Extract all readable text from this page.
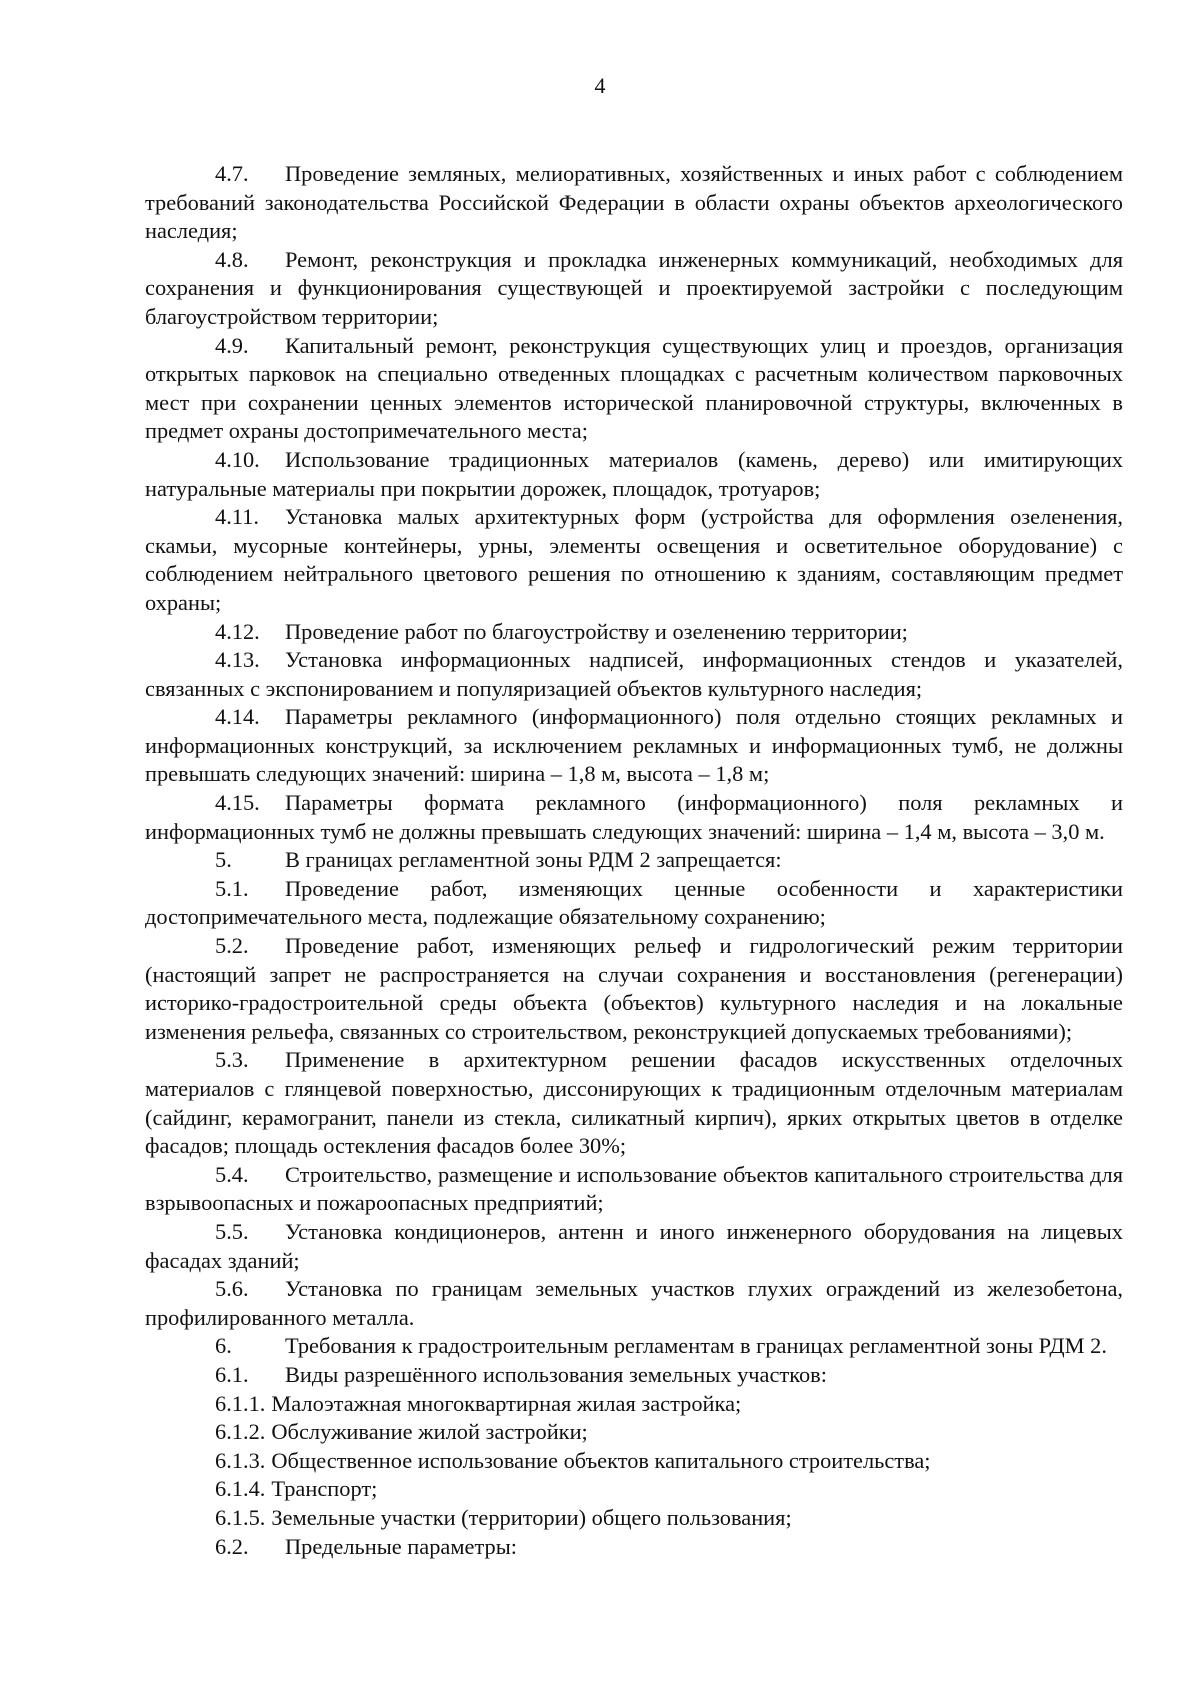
4

4.7. Проведение земляных, мелиоративных, хозяйственных и иных работ с соблюдением требований законодательства Российской Федерации в области охраны объектов археологического наследия;

4.8. Ремонт, реконструкция и прокладка инженерных коммуникаций, необходимых для сохранения и функционирования существующей и проектируемой застройки с последующим благоустройством территории;

4.9. Капитальный ремонт, реконструкция существующих улиц и проездов, организация открытых парковок на специально отведенных площадках с расчетным количеством парковочных мест при сохранении ценных элементов исторической планировочной структуры, включенных в предмет охраны достопримечательного места;

4.10. Использование традиционных материалов (камень, дерево) или имитирующих натуральные материалы при покрытии дорожек, площадок, тротуаров;

4.11. Установка малых архитектурных форм (устройства для оформления озеленения, скамьи, мусорные контейнеры, урны, элементы освещения и осветительное оборудование) с соблюдением нейтрального цветового решения по отношению к зданиям, составляющим предмет охраны;

4.12. Проведение работ по благоустройству и озеленению территории;

4.13. Установка информационных надписей, информационных стендов и указателей, связанных с экспонированием и популяризацией объектов культурного наследия;

4.14. Параметры рекламного (информационного) поля отдельно стоящих рекламных и информационных конструкций, за исключением рекламных и информационных тумб, не должны превышать следующих значений: ширина – 1,8 м, высота – 1,8 м;

4.15. Параметры формата рекламного (информационного) поля рекламных и информационных тумб не должны превышать следующих значений: ширина – 1,4 м, высота – 3,0 м.

5. В границах регламентной зоны РДМ 2 запрещается:

5.1. Проведение работ, изменяющих ценные особенности и характеристики достопримечательного места, подлежащие обязательному сохранению;

5.2. Проведение работ, изменяющих рельеф и гидрологический режим территории (настоящий запрет не распространяется на случаи сохранения и восстановления (регенерации) историко-градостроительной среды объекта (объектов) культурного наследия и на локальные изменения рельефа, связанных со строительством, реконструкцией допускаемых требованиями);

5.3. Применение в архитектурном решении фасадов искусственных отделочных материалов с глянцевой поверхностью, диссонирующих к традиционным отделочным материалам (сайдинг, керамогранит, панели из стекла, силикатный кирпич), ярких открытых цветов в отделке фасадов; площадь остекления фасадов более 30%;

5.4. Строительство, размещение и использование объектов капитального строительства для взрывоопасных и пожароопасных предприятий;

5.5. Установка кондиционеров, антенн и иного инженерного оборудования на лицевых фасадах зданий;

5.6. Установка по границам земельных участков глухих ограждений из железобетона, профилированного металла.

6. Требования к градостроительным регламентам в границах регламентной зоны РДМ 2.

6.1. Виды разрешённого использования земельных участков:

6.1.1. Малоэтажная многоквартирная жилая застройка;

6.1.2. Обслуживание жилой застройки;

6.1.3. Общественное использование объектов капитального строительства;

6.1.4. Транспорт;

6.1.5. Земельные участки (территории) общего пользования;

6.2. Предельные параметры:
